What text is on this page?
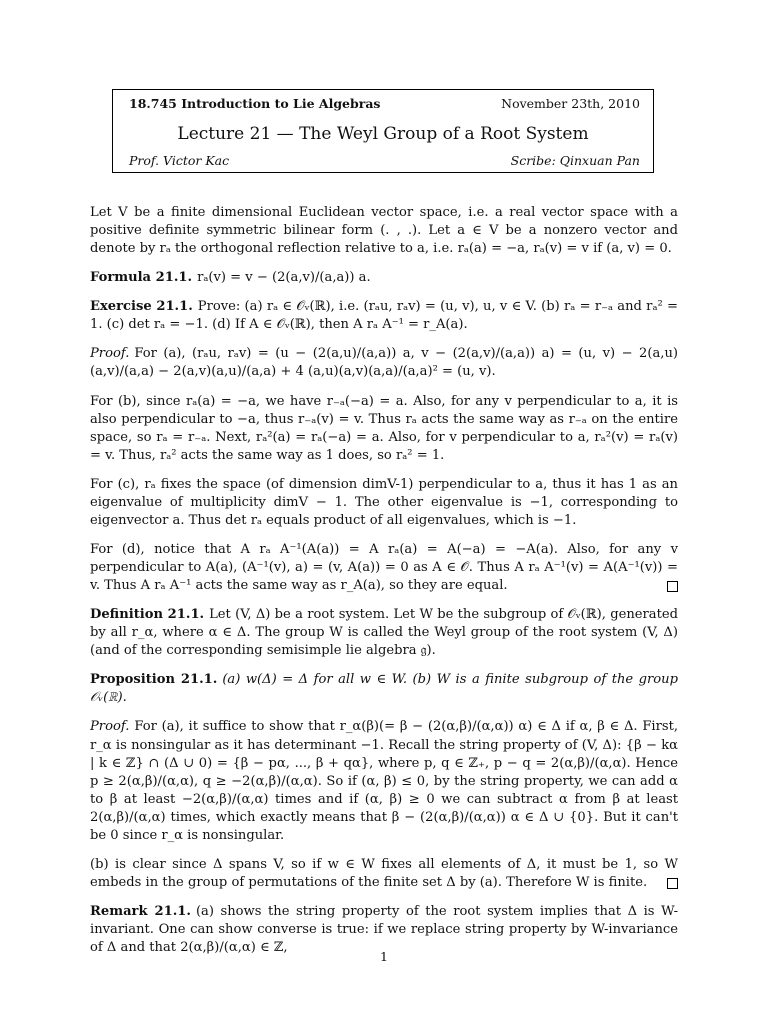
18.745 Introduction to Lie Algebras	November 23th, 2010
Lecture 21 — The Weyl Group of a Root System
Prof. Victor Kac	Scribe: Qinxuan Pan

Let V be a finite dimensional Euclidean vector space, i.e. a real vector space with a positive definite symmetric bilinear form (. , .). Let a ∈ V be a nonzero vector and denote by rₐ the orthogonal reflection relative to a, i.e. rₐ(a) = −a, rₐ(v) = v if (a, v) = 0.

Formula 21.1. rₐ(v) = v − (2(a,v)/(a,a)) a.

Exercise 21.1. Prove: (a) rₐ ∈ 𝒪ᵥ(ℝ), i.e. (rₐu, rₐv) = (u, v), u, v ∈ V. (b) rₐ = r₋ₐ and rₐ² = 1. (c) det rₐ = −1. (d) If A ∈ 𝒪ᵥ(ℝ), then A rₐ A⁻¹ = r_A(a).

Proof. For (a), (rₐu, rₐv) = (u − (2(a,u)/(a,a)) a, v − (2(a,v)/(a,a)) a) = (u, v) − 2(a,u)(a,v)/(a,a) − 2(a,v)(a,u)/(a,a) + 4 (a,u)(a,v)(a,a)/(a,a)² = (u, v).

For (b), since rₐ(a) = −a, we have r₋ₐ(−a) = a. Also, for any v perpendicular to a, it is also perpendicular to −a, thus r₋ₐ(v) = v. Thus rₐ acts the same way as r₋ₐ on the entire space, so rₐ = r₋ₐ. Next, rₐ²(a) = rₐ(−a) = a. Also, for v perpendicular to a, rₐ²(v) = rₐ(v) = v. Thus, rₐ² acts the same way as 1 does, so rₐ² = 1.

For (c), rₐ fixes the space (of dimension dimV-1) perpendicular to a, thus it has 1 as an eigenvalue of multiplicity dimV − 1. The other eigenvalue is −1, corresponding to eigenvector a. Thus det rₐ equals product of all eigenvalues, which is −1.

For (d), notice that A rₐ A⁻¹(A(a)) = A rₐ(a) = A(−a) = −A(a). Also, for any v perpendicular to A(a), (A⁻¹(v), a) = (v, A(a)) = 0 as A ∈ 𝒪. Thus A rₐ A⁻¹(v) = A(A⁻¹(v)) = v. Thus A rₐ A⁻¹ acts the same way as r_A(a), so they are equal.

Definition 21.1. Let (V, Δ) be a root system. Let W be the subgroup of 𝒪ᵥ(ℝ), generated by all r_α, where α ∈ Δ. The group W is called the Weyl group of the root system (V, Δ) (and of the corresponding semisimple lie algebra 𝔤).

Proposition 21.1. (a) w(Δ) = Δ for all w ∈ W. (b) W is a finite subgroup of the group 𝒪ᵥ(ℝ).

Proof. For (a), it suffice to show that r_α(β)(= β − (2(α,β)/(α,α)) α) ∈ Δ if α, β ∈ Δ. First, r_α is nonsingular as it has determinant −1. Recall the string property of (V, Δ): {β − kα | k ∈ ℤ} ∩ (Δ ∪ 0) = {β − pα, ..., β + qα}, where p, q ∈ ℤ₊, p − q = 2(α,β)/(α,α). Hence p ≥ 2(α,β)/(α,α), q ≥ −2(α,β)/(α,α). So if (α, β) ≤ 0, by the string property, we can add α to β at least −2(α,β)/(α,α) times and if (α, β) ≥ 0 we can subtract α from β at least 2(α,β)/(α,α) times, which exactly means that β − (2(α,β)/(α,α)) α ∈ Δ ∪ {0}. But it can't be 0 since r_α is nonsingular.

(b) is clear since Δ spans V, so if w ∈ W fixes all elements of Δ, it must be 1, so W embeds in the group of permutations of the finite set Δ by (a). Therefore W is finite.

Remark 21.1. (a) shows the string property of the root system implies that Δ is W-invariant. One can show converse is true: if we replace string property by W-invariance of Δ and that 2(α,β)/(α,α) ∈ ℤ,

1
